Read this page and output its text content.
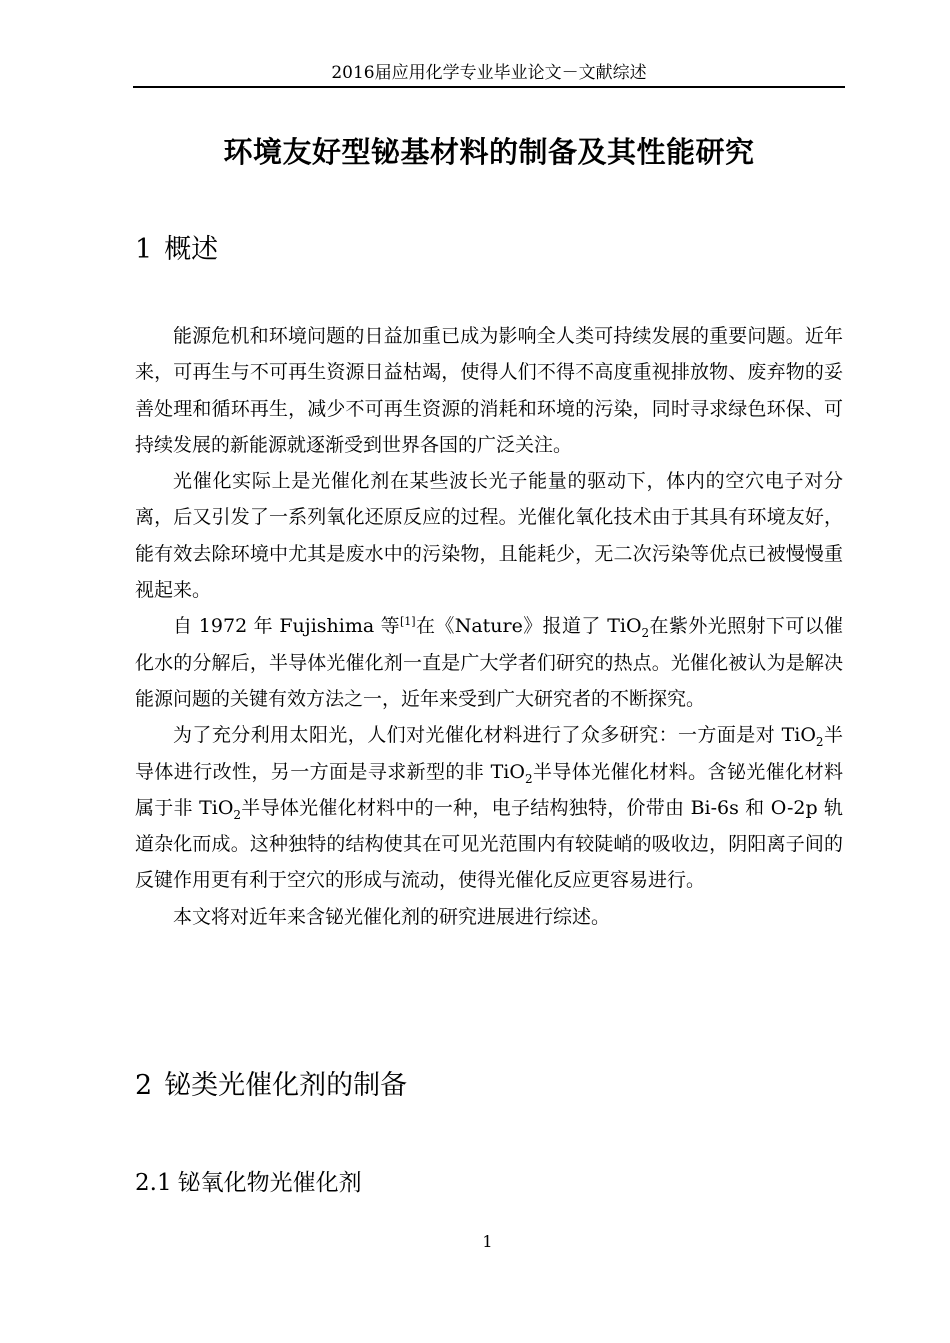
2016届应用化学专业毕业论文－文献综述
环境友好型铋基材料的制备及其性能研究
1 概述

能源危机和环境问题的日益加重已成为影响全人类可持续发展的重要问题。近年来，可再生与不可再生资源日益枯竭，使得人们不得不高度重视排放物、废弃物的妥善处理和循环再生，减少不可再生资源的消耗和环境的污染，同时寻求绿色环保、可持续发展的新能源就逐渐受到世界各国的广泛关注。

光催化实际上是光催化剂在某些波长光子能量的驱动下，体内的空穴电子对分离，后又引发了一系列氧化还原反应的过程。光催化氧化技术由于其具有环境友好，能有效去除环境中尤其是废水中的污染物，且能耗少，无二次污染等优点已被慢慢重视起来。

自 1972 年 Fujishima 等[1]在《Nature》报道了 TiO$_2$在紫外光照射下可以催化水的分解后，半导体光催化剂一直是广大学者们研究的热点。光催化被认为是解决能源问题的关键有效方法之一，近年来受到广大研究者的不断探究。

为了充分利用太阳光，人们对光催化材料进行了众多研究：一方面是对 TiO$_2$半导体进行改性，另一方面是寻求新型的非 TiO$_2$半导体光催化材料。含铋光催化材料属于非 TiO$_2$半导体光催化材料中的一种，电子结构独特，价带由 Bi-6s 和 O-2p 轨道杂化而成。这种独特的结构使其在可见光范围内有较陡峭的吸收边，阴阳离子间的反键作用更有利于空穴的形成与流动，使得光催化反应更容易进行。

本文将对近年来含铋光催化剂的研究进展进行综述。

2 铋类光催化剂的制备
2.1 铋氧化物光催化剂
1
